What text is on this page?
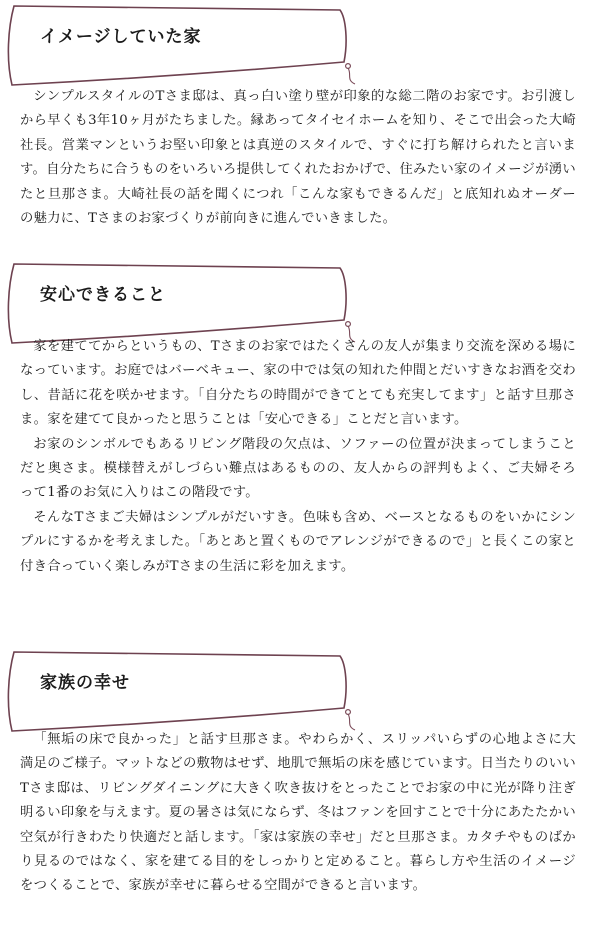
イメージしていた家

シンプルスタイルのTさま邸は、真っ白い塗り壁が印象的な総二階のお家です。お引渡しから早くも3年10ヶ月がたちました。縁あってタイセイホームを知り、そこで出会った大崎社長。営業マンというお堅い印象とは真逆のスタイルで、すぐに打ち解けられたと言います。自分たちに合うものをいろいろ提供してくれたおかげで、住みたい家のイメージが湧いたと旦那さま。大崎社長の話を聞くにつれ「こんな家もできるんだ」と底知れぬオーダーの魅力に、Tさまのお家づくりが前向きに進んでいきました。

安心できること

家を建ててからというもの、Tさまのお家ではたくさんの友人が集まり交流を深める場になっています。お庭ではバーベキュー、家の中では気の知れた仲間とだいすきなお酒を交わし、昔話に花を咲かせます。「自分たちの時間ができてとても充実してます」と話す旦那さま。家を建てて良かったと思うことは「安心できる」ことだと言います。

お家のシンボルでもあるリビング階段の欠点は、ソファーの位置が決まってしまうことだと奥さま。模様替えがしづらい難点はあるものの、友人からの評判もよく、ご夫婦そろって1番のお気に入りはこの階段です。

そんなTさまご夫婦はシンプルがだいすき。色味も含め、ベースとなるものをいかにシンプルにするかを考えました。「あとあと置くものでアレンジができるので」と長くこの家と付き合っていく楽しみがTさまの生活に彩を加えます。

家族の幸せ

「無垢の床で良かった」と話す旦那さま。やわらかく、スリッパいらずの心地よさに大満足のご様子。マットなどの敷物はせず、地肌で無垢の床を感じています。日当たりのいいTさま邸は、リビングダイニングに大きく吹き抜けをとったことでお家の中に光が降り注ぎ明るい印象を与えます。夏の暑さは気にならず、冬はファンを回すことで十分にあたたかい空気が行きわたり快適だと話します。「家は家族の幸せ」だと旦那さま。カタチやものばかり見るのではなく、家を建てる目的をしっかりと定めること。暮らし方や生活のイメージをつくることで、家族が幸せに暮らせる空間ができると言います。
